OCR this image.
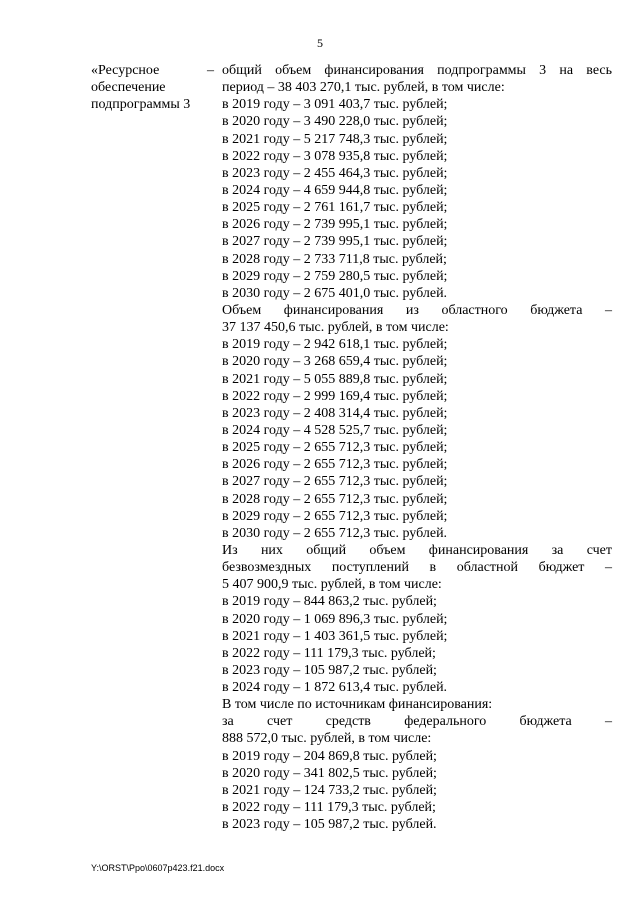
5
«Ресурсное
обеспечение
подпрограммы 3
– общий объем финансирования подпрограммы 3 на весь
период – 38 403 270,1 тыс. рублей, в том числе:
в 2019 году – 3 091 403,7 тыс. рублей;
в 2020 году – 3 490 228,0 тыс. рублей;
в 2021 году – 5 217 748,3 тыс. рублей;
в 2022 году – 3 078 935,8 тыс. рублей;
в 2023 году – 2 455 464,3 тыс. рублей;
в 2024 году – 4 659 944,8 тыс. рублей;
в 2025 году – 2 761 161,7 тыс. рублей;
в 2026 году – 2 739 995,1 тыс. рублей;
в 2027 году – 2 739 995,1 тыс. рублей;
в 2028 году – 2 733 711,8 тыс. рублей;
в 2029 году – 2 759 280,5 тыс. рублей;
в 2030 году – 2 675 401,0 тыс. рублей.
Объем финансирования из областного бюджета –
37 137 450,6 тыс. рублей, в том числе:
в 2019 году – 2 942 618,1 тыс. рублей;
в 2020 году – 3 268 659,4 тыс. рублей;
в 2021 году – 5 055 889,8 тыс. рублей;
в 2022 году – 2 999 169,4 тыс. рублей;
в 2023 году – 2 408 314,4 тыс. рублей;
в 2024 году – 4 528 525,7 тыс. рублей;
в 2025 году – 2 655 712,3 тыс. рублей;
в 2026 году – 2 655 712,3 тыс. рублей;
в 2027 году – 2 655 712,3 тыс. рублей;
в 2028 году – 2 655 712,3 тыс. рублей;
в 2029 году – 2 655 712,3 тыс. рублей;
в 2030 году – 2 655 712,3 тыс. рублей.
Из них общий объем финансирования за счет
безвозмездных поступлений в областной бюджет –
5 407 900,9 тыс. рублей, в том числе:
в 2019 году – 844 863,2 тыс. рублей;
в 2020 году – 1 069 896,3 тыс. рублей;
в 2021 году – 1 403 361,5 тыс. рублей;
в 2022 году – 111 179,3 тыс. рублей;
в 2023 году – 105 987,2 тыс. рублей;
в 2024 году – 1 872 613,4 тыс. рублей.
В том числе по источникам финансирования:
за счет средств федерального бюджета –
888 572,0 тыс. рублей, в том числе:
в 2019 году – 204 869,8 тыс. рублей;
в 2020 году – 341 802,5 тыс. рублей;
в 2021 году – 124 733,2 тыс. рублей;
в 2022 году – 111 179,3 тыс. рублей;
в 2023 году – 105 987,2 тыс. рублей.
Y:\ORST\Ppo\0607p423.f21.docx
